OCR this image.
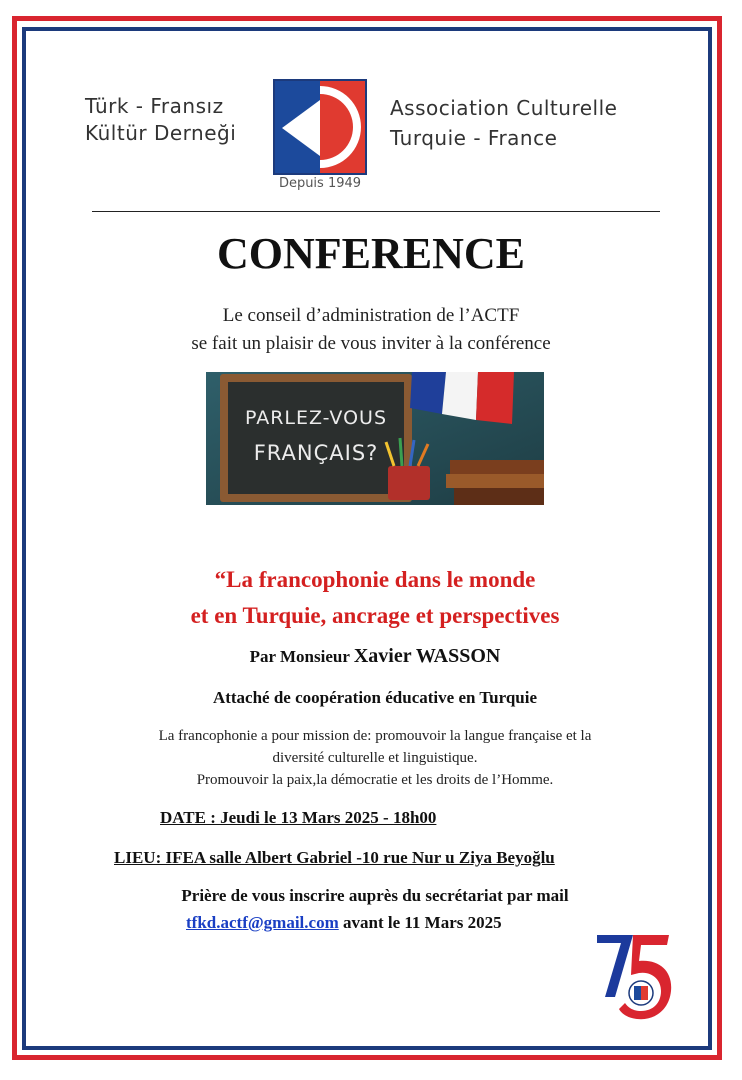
Türk - Fransız
Kültür Derneği
Depuis 1949
Association Culturelle
Turquie - France
CONFERENCE
Le conseil d’administration de l’ACTF
se fait un plaisir de vous inviter à la conférence
PARLEZ-VOUS
FRANÇAIS?
“La francophonie dans le monde
et en Turquie, ancrage et perspectives
Par Monsieur Xavier WASSON
Attaché de coopération éducative en Turquie
La francophonie a pour mission de: promouvoir la langue française et la
diversité culturelle et linguistique.
Promouvoir la paix,la démocratie et les droits de l’Homme.
DATE : Jeudi le 13 Mars 2025 - 18h00
LIEU: IFEA salle Albert Gabriel -10 rue Nur u Ziya Beyoğlu
Prière de vous inscrire auprès du secrétariat par mail
tfkd.actf@gmail.com avant le 11 Mars 2025
